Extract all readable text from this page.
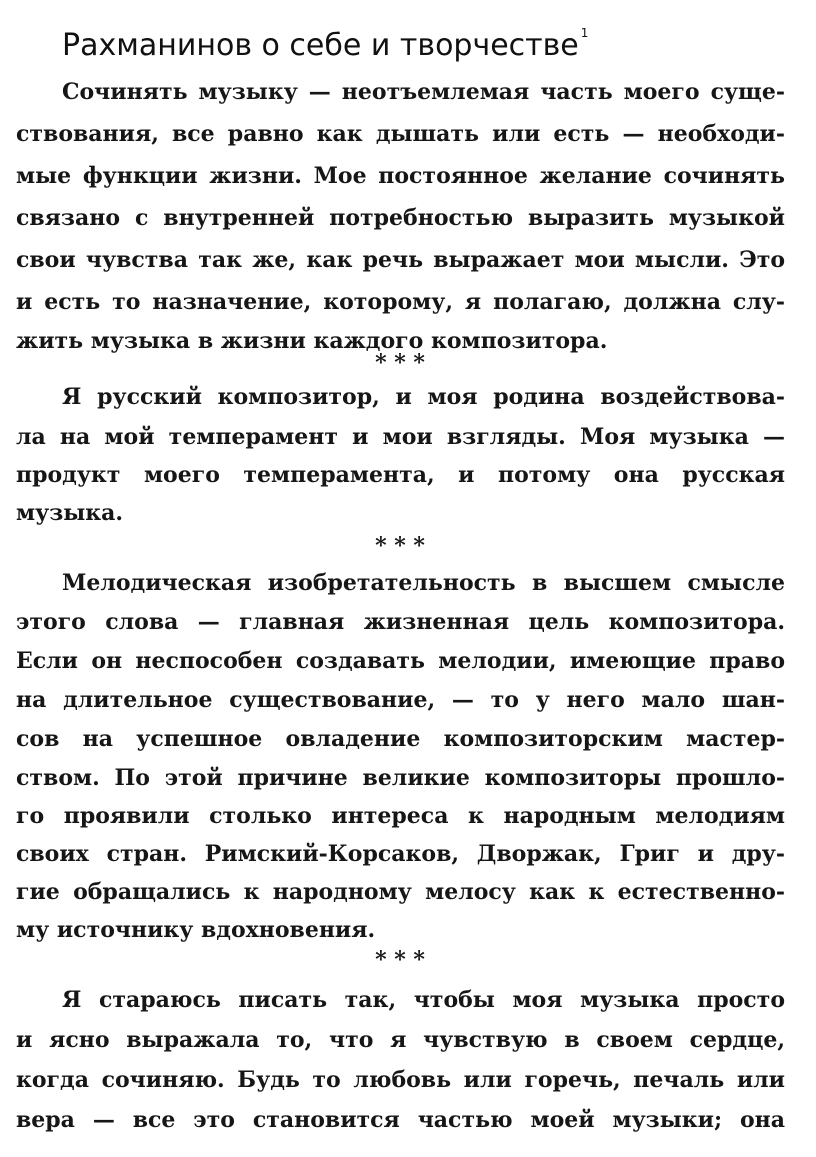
Рахманинов о себе и творчестве $^1$

Сочинять музыку — неотъемлемая часть моего суще-

ствования, все равно как дышать или есть — необходи-

мые функции жизни. Мое постоянное желание сочинять

связано с внутренней потребностью выразить музыкой

свои чувства так же, как речь выражает мои мысли. Это

и есть то назначение, которому, я полагаю, должна слу-

жить музыка в жизни каждого композитора.

* * *

Я русский композитор, и моя родина воздействова-

ла на мой темперамент и мои взгляды. Моя музыка —

продукт моего темперамента, и потому она русская

музыка.

* * *

Мелодическая изобретательность в высшем смысле

этого слова — главная жизненная цель композитора.

Если он неспособен создавать мелодии, имеющие право

на длительное существование, — то у него мало шан-

сов на успешное овладение композиторским мастер-

ством. По этой причине великие композиторы прошло-

го проявили столько интереса к народным мелодиям

своих стран. Римский-Корсаков, Дворжак, Григ и дру-

гие обращались к народному мелосу как к естественно-

му источнику вдохновения.

* * *

Я стараюсь писать так, чтобы моя музыка просто

и ясно выражала то, что я чувствую в своем сердце,

когда сочиняю. Будь то любовь или горечь, печаль или

вера — все это становится частью моей музыки; она
